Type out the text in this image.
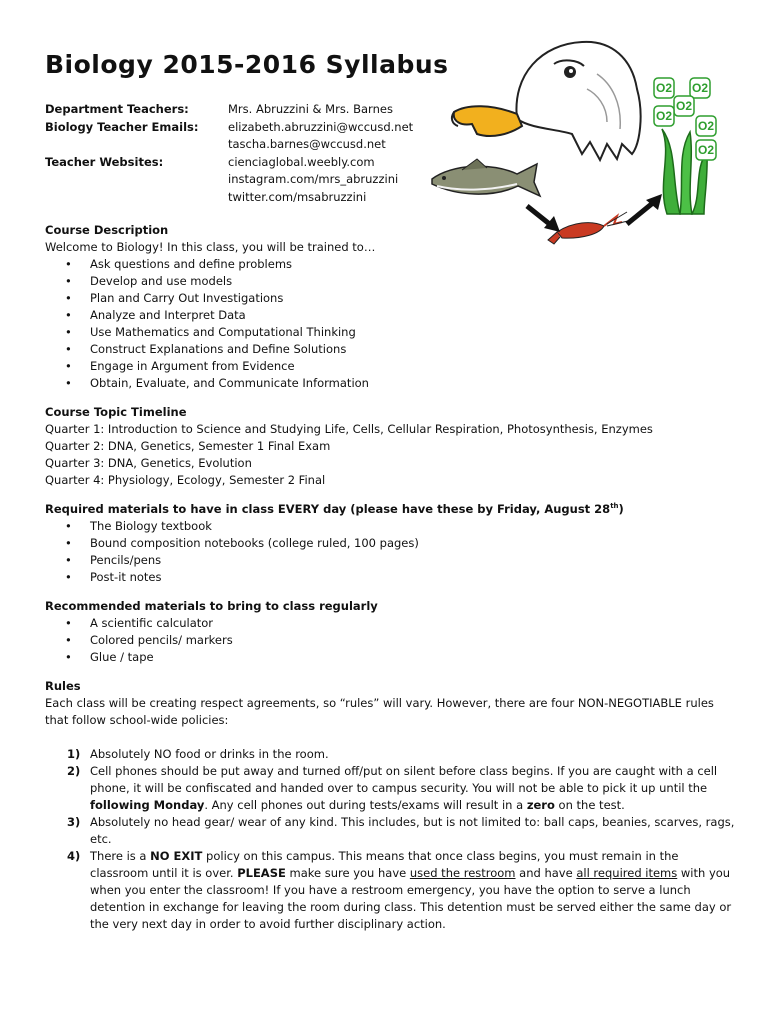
Biology 2015-2016 Syllabus
Department Teachers:	Mrs. Abruzzini & Mrs. Barnes
Biology Teacher Emails:	elizabeth.abruzzini@wccusd.net
tascha.barnes@wccusd.net
Teacher Websites:	cienciaglobal.weebly.com
instagram.com/mrs_abruzzini
twitter.com/msabruzzini
O2 O2
O2
O2
O2
O2

Course Description

Welcome to Biology! In this class, you will be trained to…

• Ask questions and define problems
• Develop and use models
• Plan and Carry Out Investigations
• Analyze and Interpret Data
• Use Mathematics and Computational Thinking
• Construct Explanations and Define Solutions
• Engage in Argument from Evidence
• Obtain, Evaluate, and Communicate Information

Course Topic Timeline

Quarter 1: Introduction to Science and Studying Life, Cells, Cellular Respiration, Photosynthesis, Enzymes

Quarter 2: DNA, Genetics, Semester 1 Final Exam

Quarter 3: DNA, Genetics, Evolution

Quarter 4: Physiology, Ecology, Semester 2 Final

Required materials to have in class EVERY day (please have these by Friday, August 28th)

• The Biology textbook
• Bound composition notebooks (college ruled, 100 pages)
• Pencils/pens
• Post-it notes

Recommended materials to bring to class regularly

• A scientific calculator
• Colored pencils/ markers
• Glue / tape

Rules

Each class will be creating respect agreements, so “rules” will vary. However, there are four NON-NEGOTIABLE rules that follow school-wide policies:

1) Absolutely NO food or drinks in the room.
2) Cell phones should be put away and turned off/put on silent before class begins. If you are caught with a cell phone, it will be confiscated and handed over to campus security. You will not be able to pick it up until the following Monday. Any cell phones out during tests/exams will result in a zero on the test.
3) Absolutely no head gear/ wear of any kind. This includes, but is not limited to: ball caps, beanies, scarves, rags, etc.
4) There is a NO EXIT policy on this campus. This means that once class begins, you must remain in the classroom until it is over. PLEASE make sure you have used the restroom and have all required items with you when you enter the classroom! If you have a restroom emergency, you have the option to serve a lunch detention in exchange for leaving the room during class. This detention must be served either the same day or the very next day in order to avoid further disciplinary action.
